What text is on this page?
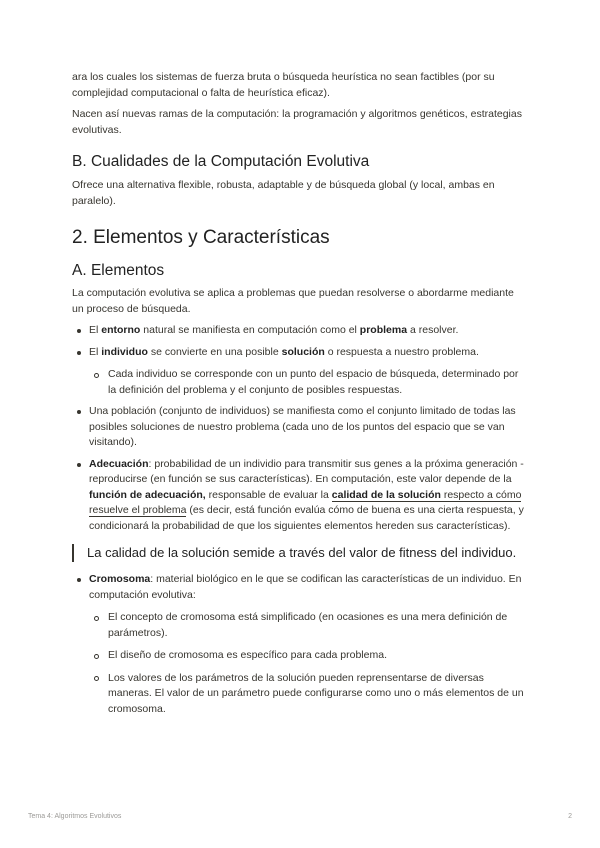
ara los cuales los sistemas de fuerza bruta o búsqueda heurística no sean factibles (por su complejidad computacional o falta de heurística eficaz).

Nacen así nuevas ramas de la computación: la programación y algoritmos genéticos, estrategias evolutivas.

B. Cualidades de la Computación Evolutiva

Ofrece una alternativa flexible, robusta, adaptable y de búsqueda global (y local, ambas en paralelo).

2. Elementos y Características
A. Elementos

La computación evolutiva se aplica a problemas que puedan resolverse o abordarme mediante un proceso de búsqueda.

El entorno natural se manifiesta en computación como el problema a resolver.
El individuo se convierte en una posible solución o respuesta a nuestro problema.
Cada individuo se corresponde con un punto del espacio de búsqueda, determinado por la definición del problema y el conjunto de posibles respuestas.
Una población (conjunto de individuos) se manifiesta como el conjunto limitado de todas las posibles soluciones de nuestro problema (cada uno de los puntos del espacio que se van visitando).
Adecuación: probabilidad de un individio para transmitir sus genes a la próxima generación - reproducirse (en función se sus características). En computación, este valor depende de la función de adecuación, responsable de evaluar la calidad de la solución respecto a cómo resuelve el problema (es decir, está función evalúa cómo de buena es una cierta respuesta, y condicionará la probabilidad de que los siguientes elementos hereden sus características).
La calidad de la solución semide a través del valor de fitness del individuo.
Cromosoma: material biológico en le que se codifican las características de un individuo. En computación evolutiva:
El concepto de cromosoma está simplificado (en ocasiones es una mera definición de parámetros).
El diseño de cromosoma es específico para cada problema.
Los valores de los parámetros de la solución pueden reprensentarse de diversas maneras. El valor de un parámetro puede configurarse como uno o más elementos de un cromosoma.
Tema 4: Algoritmos Evolutivos	2
